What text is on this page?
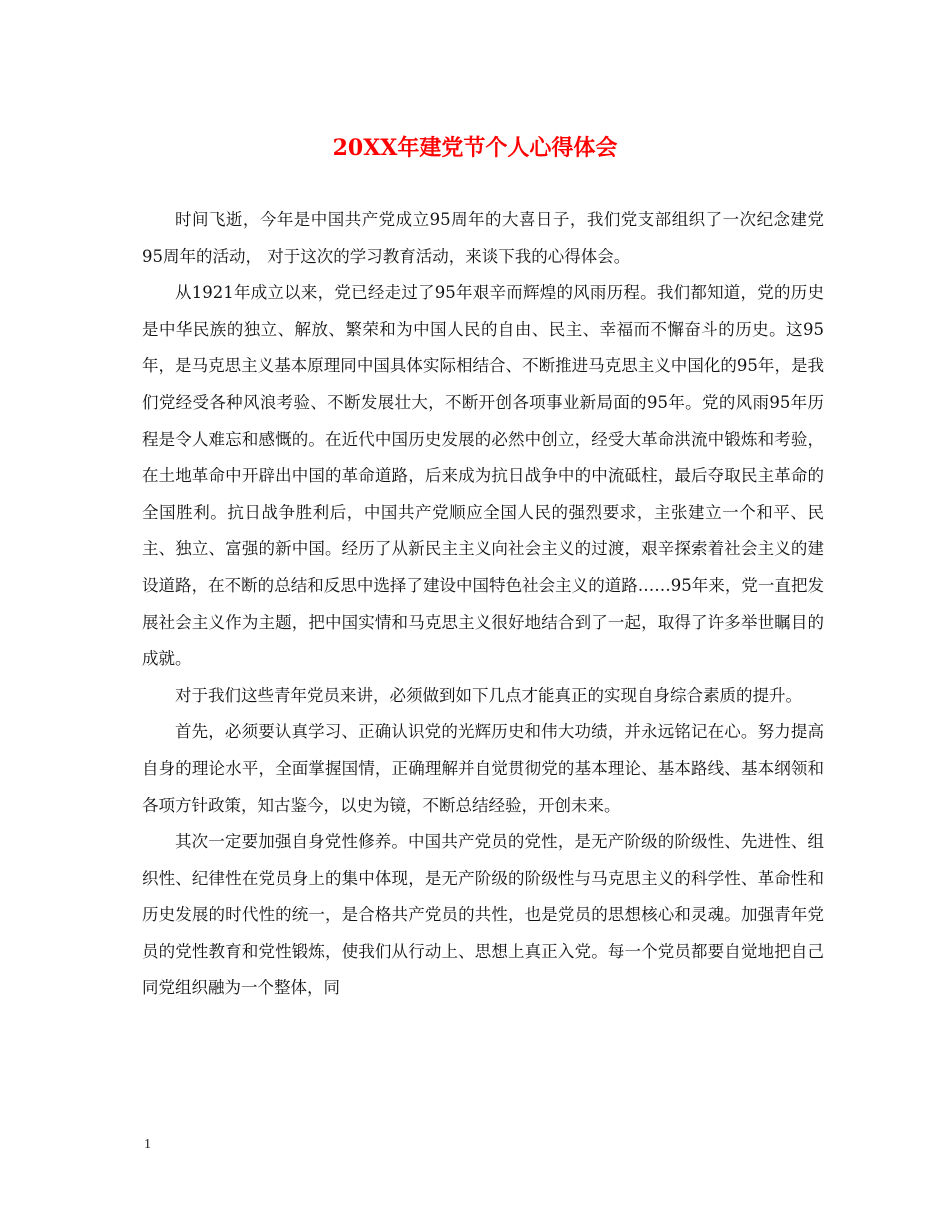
20XX年建党节个人心得体会

时间飞逝，今年是中国共产党成立95周年的大喜日子，我们党支部组织了一次纪念建党95周年的活动， 对于这次的学习教育活动，来谈下我的心得体会。

从1921年成立以来，党已经走过了95年艰辛而辉煌的风雨历程。我们都知道，党的历史是中华民族的独立、解放、繁荣和为中国人民的自由、民主、幸福而不懈奋斗的历史。这95年，是马克思主义基本原理同中国具体实际相结合、不断推进马克思主义中国化的95年，是我们党经受各种风浪考验、不断发展壮大，不断开创各项事业新局面的95年。党的风雨95年历程是令人难忘和感慨的。在近代中国历史发展的必然中创立，经受大革命洪流中锻炼和考验，在土地革命中开辟出中国的革命道路，后来成为抗日战争中的中流砥柱，最后夺取民主革命的全国胜利。抗日战争胜利后，中国共产党顺应全国人民的强烈要求，主张建立一个和平、民主、独立、富强的新中国。经历了从新民主主义向社会主义的过渡，艰辛探索着社会主义的建设道路，在不断的总结和反思中选择了建设中国特色社会主义的道路……95年来，党一直把发展社会主义作为主题，把中国实情和马克思主义很好地结合到了一起，取得了许多举世瞩目的成就。

对于我们这些青年党员来讲，必须做到如下几点才能真正的实现自身综合素质的提升。

首先，必须要认真学习、正确认识党的光辉历史和伟大功绩，并永远铭记在心。努力提高自身的理论水平，全面掌握国情，正确理解并自觉贯彻党的基本理论、基本路线、基本纲领和各项方针政策，知古鉴今，以史为镜，不断总结经验，开创未来。

其次一定要加强自身党性修养。中国共产党员的党性，是无产阶级的阶级性、先进性、组织性、纪律性在党员身上的集中体现，是无产阶级的阶级性与马克思主义的科学性、革命性和历史发展的时代性的统一，是合格共产党员的共性，也是党员的思想核心和灵魂。加强青年党员的党性教育和党性锻炼，使我们从行动上、思想上真正入党。每一个党员都要自觉地把自己同党组织融为一个整体，同

1
